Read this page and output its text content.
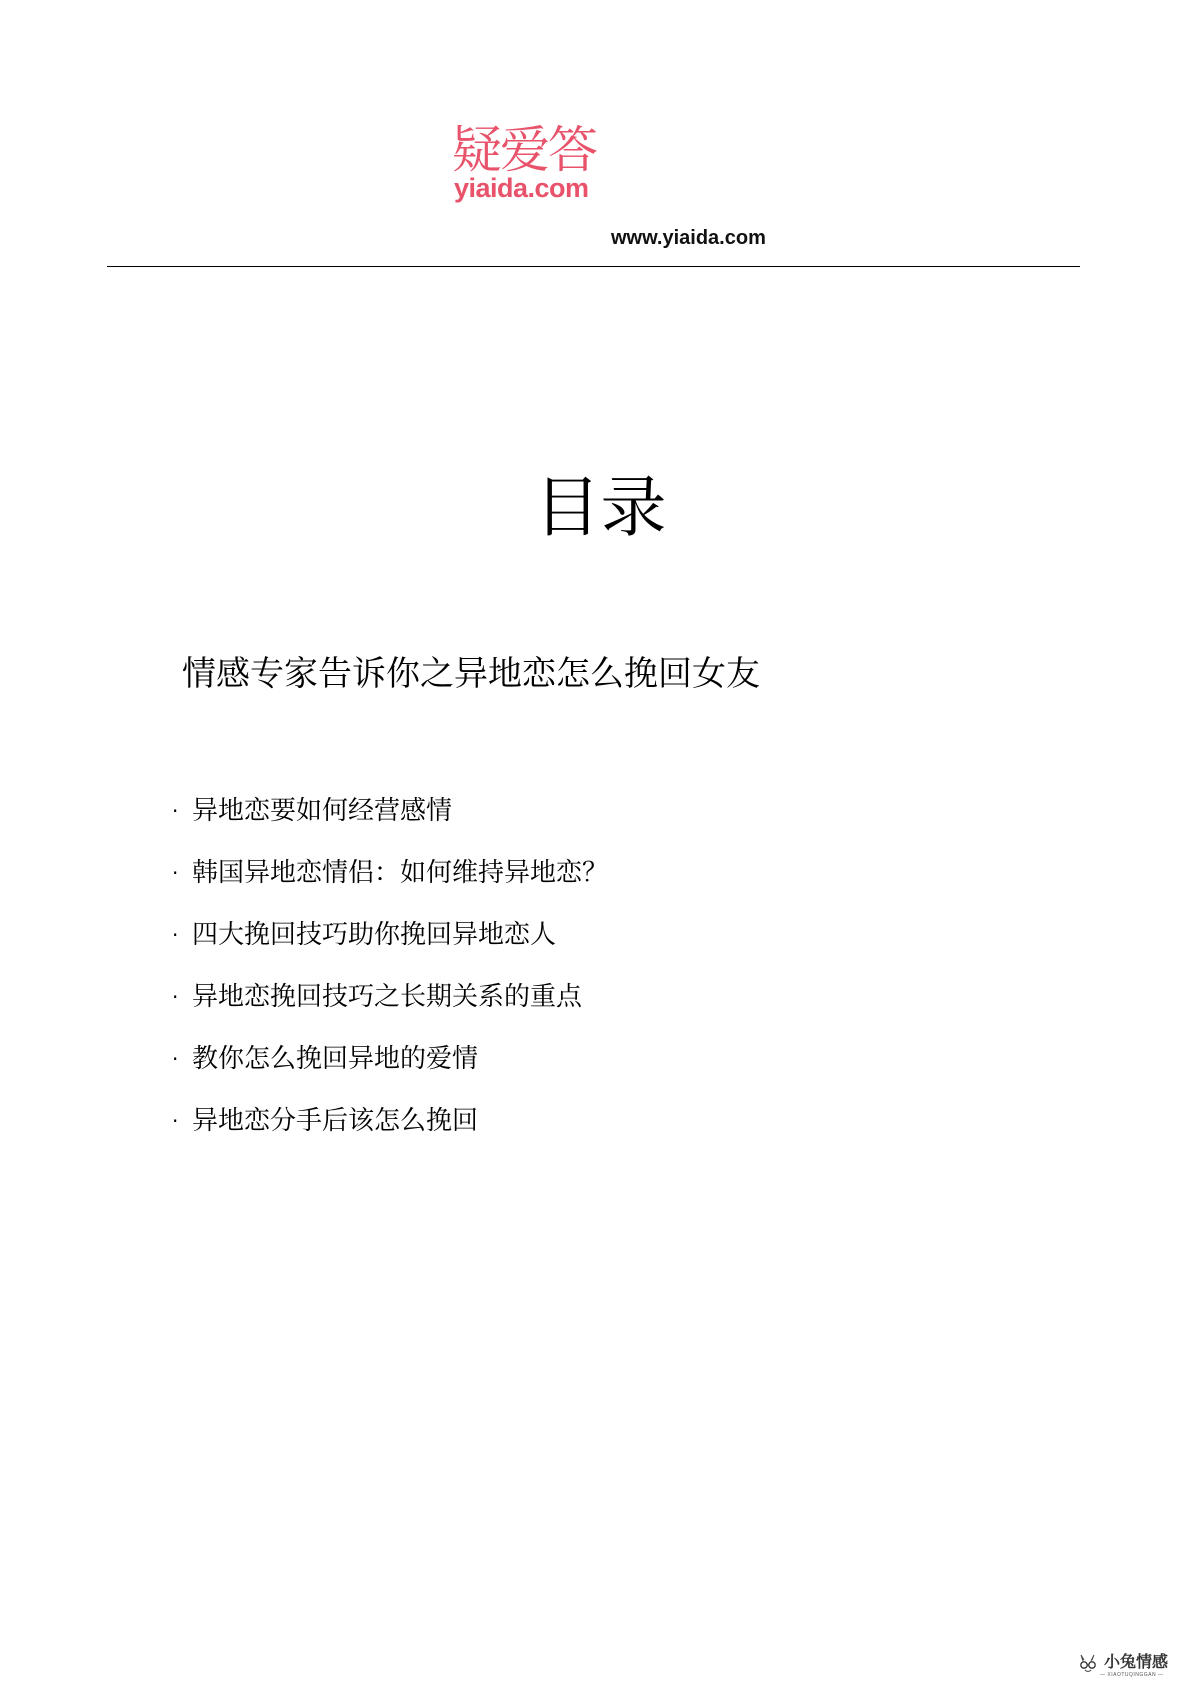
疑爱答
yiaida.com
www.yiaida.com
目录
情感专家告诉你之异地恋怎么挽回女友
· 异地恋要如何经营感情
· 韩国异地恋情侣：如何维持异地恋？
· 四大挽回技巧助你挽回异地恋人
· 异地恋挽回技巧之长期关系的重点
· 教你怎么挽回异地的爱情
· 异地恋分手后该怎么挽回
小兔情感
— XIAOTUQINGGAN —
